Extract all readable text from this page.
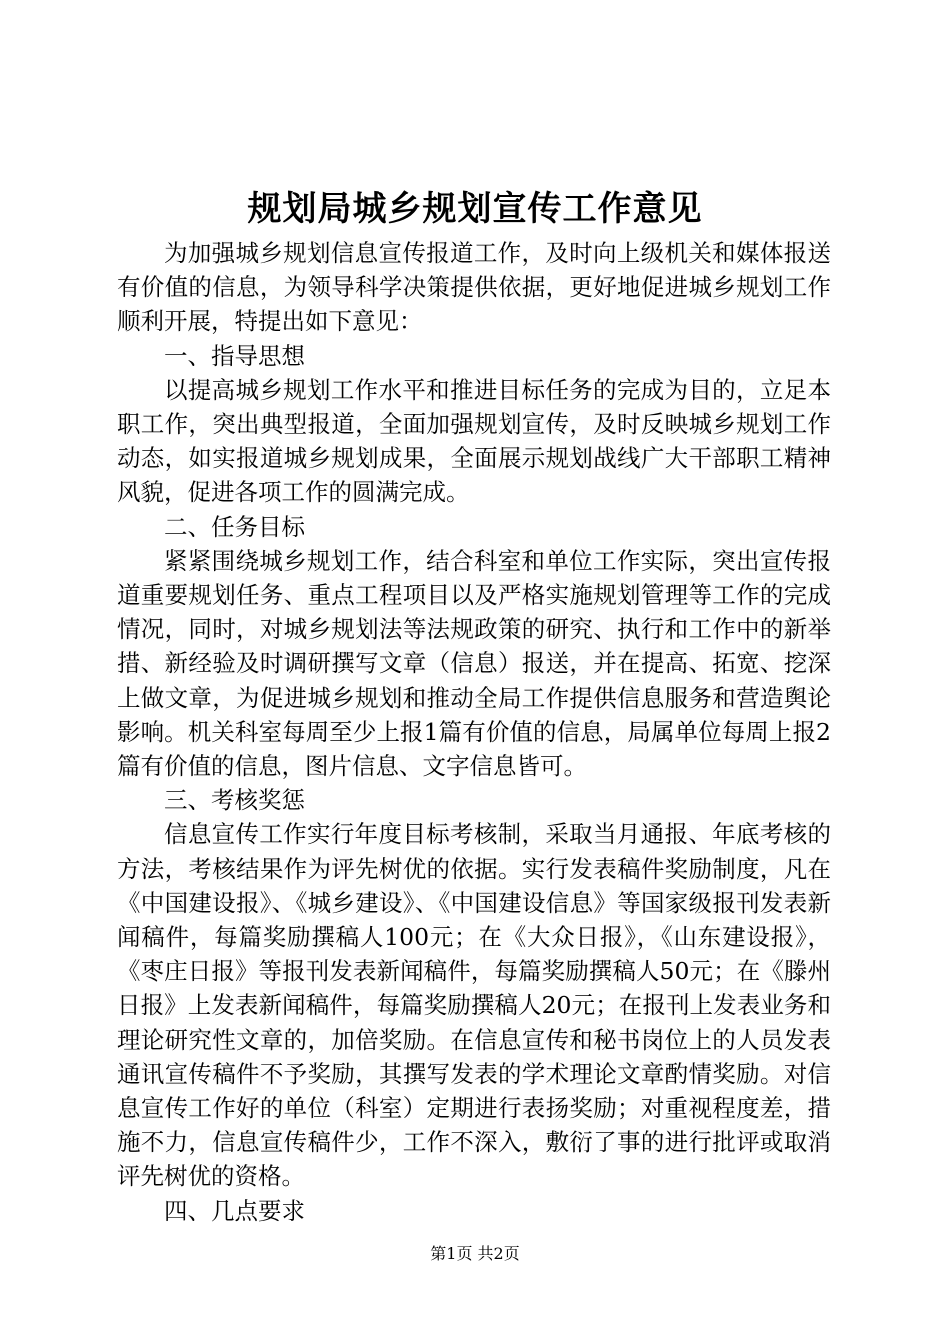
规划局城乡规划宣传工作意见

为加强城乡规划信息宣传报道工作，及时向上级机关和媒体报送有价值的信息，为领导科学决策提供依据，更好地促进城乡规划工作顺利开展，特提出如下意见：

一、指导思想

以提高城乡规划工作水平和推进目标任务的完成为目的，立足本职工作，突出典型报道，全面加强规划宣传，及时反映城乡规划工作动态，如实报道城乡规划成果，全面展示规划战线广大干部职工精神风貌，促进各项工作的圆满完成。

二、任务目标

紧紧围绕城乡规划工作，结合科室和单位工作实际，突出宣传报道重要规划任务、重点工程项目以及严格实施规划管理等工作的完成情况，同时，对城乡规划法等法规政策的研究、执行和工作中的新举措、新经验及时调研撰写文章（信息）报送，并在提高、拓宽、挖深上做文章，为促进城乡规划和推动全局工作提供信息服务和营造舆论影响。机关科室每周至少上报1篇有价值的信息，局属单位每周上报2篇有价值的信息，图片信息、文字信息皆可。

三、考核奖惩

信息宣传工作实行年度目标考核制，采取当月通报、年底考核的方法，考核结果作为评先树优的依据。实行发表稿件奖励制度，凡在《中国建设报》、《城乡建设》、《中国建设信息》等国家级报刊发表新闻稿件，每篇奖励撰稿人100元；在《大众日报》，《山东建设报》，《枣庄日报》等报刊发表新闻稿件，每篇奖励撰稿人50元；在《滕州日报》上发表新闻稿件，每篇奖励撰稿人20元；在报刊上发表业务和理论研究性文章的，加倍奖励。在信息宣传和秘书岗位上的人员发表通讯宣传稿件不予奖励，其撰写发表的学术理论文章酌情奖励。对信息宣传工作好的单位（科室）定期进行表扬奖励；对重视程度差，措施不力，信息宣传稿件少，工作不深入，敷衍了事的进行批评或取消评先树优的资格。

四、几点要求

第1页 共2页
